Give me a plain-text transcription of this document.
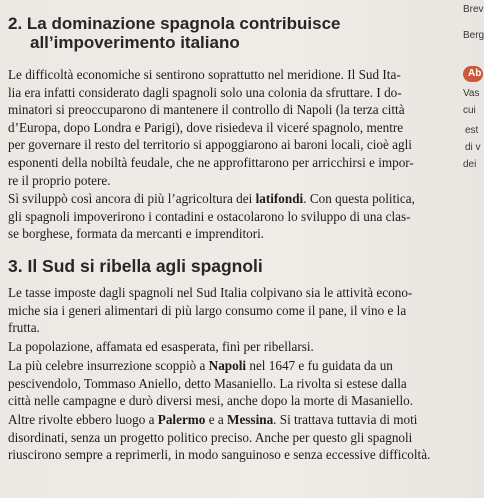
Brev
Berg
Ab
Vas
cui
est
di v
dei
2. La dominazione spagnola contribuisce
all’impoverimento italiano
Le difficoltà economiche si sentirono soprattutto nel meridione. Il Sud Ita-
lia era infatti considerato dagli spagnoli solo una colonia da sfruttare. I do-
minatori si preoccuparono di mantenere il controllo di Napoli (la terza città
d’Europa, dopo Londra e Parigi), dove risiedeva il viceré spagnolo, mentre
per governare il resto del territorio si appoggiarono ai baroni locali, cioè agli
esponenti della nobiltà feudale, che ne approfittarono per arricchirsi e impor-
re il proprio potere.
Sì sviluppò così ancora di più l’agricoltura dei latifondi. Con questa politica,
gli spagnoli impoverirono i contadini e ostacolarono lo sviluppo di una clas-
se borghese, formata da mercanti e imprenditori.
3. Il Sud si ribella agli spagnoli
Le tasse imposte dagli spagnoli nel Sud Italia colpivano sia le attività econo-
miche sia i generi alimentari di più largo consumo come il pane, il vino e la
frutta.
La popolazione, affamata ed esasperata, finì per ribellarsi.
La più celebre insurrezione scoppiò a Napoli nel 1647 e fu guidata da un
pescivendolo, Tommaso Aniello, detto Masaniello. La rivolta si estese dalla
città nelle campagne e durò diversi mesi, anche dopo la morte di Masaniello.
Altre rivolte ebbero luogo a Palermo e a Messina. Si trattava tuttavia di moti
disordinati, senza un progetto politico preciso. Anche per questo gli spagnoli
riuscirono sempre a reprimerli, in modo sanguinoso e senza eccessive difficoltà.
